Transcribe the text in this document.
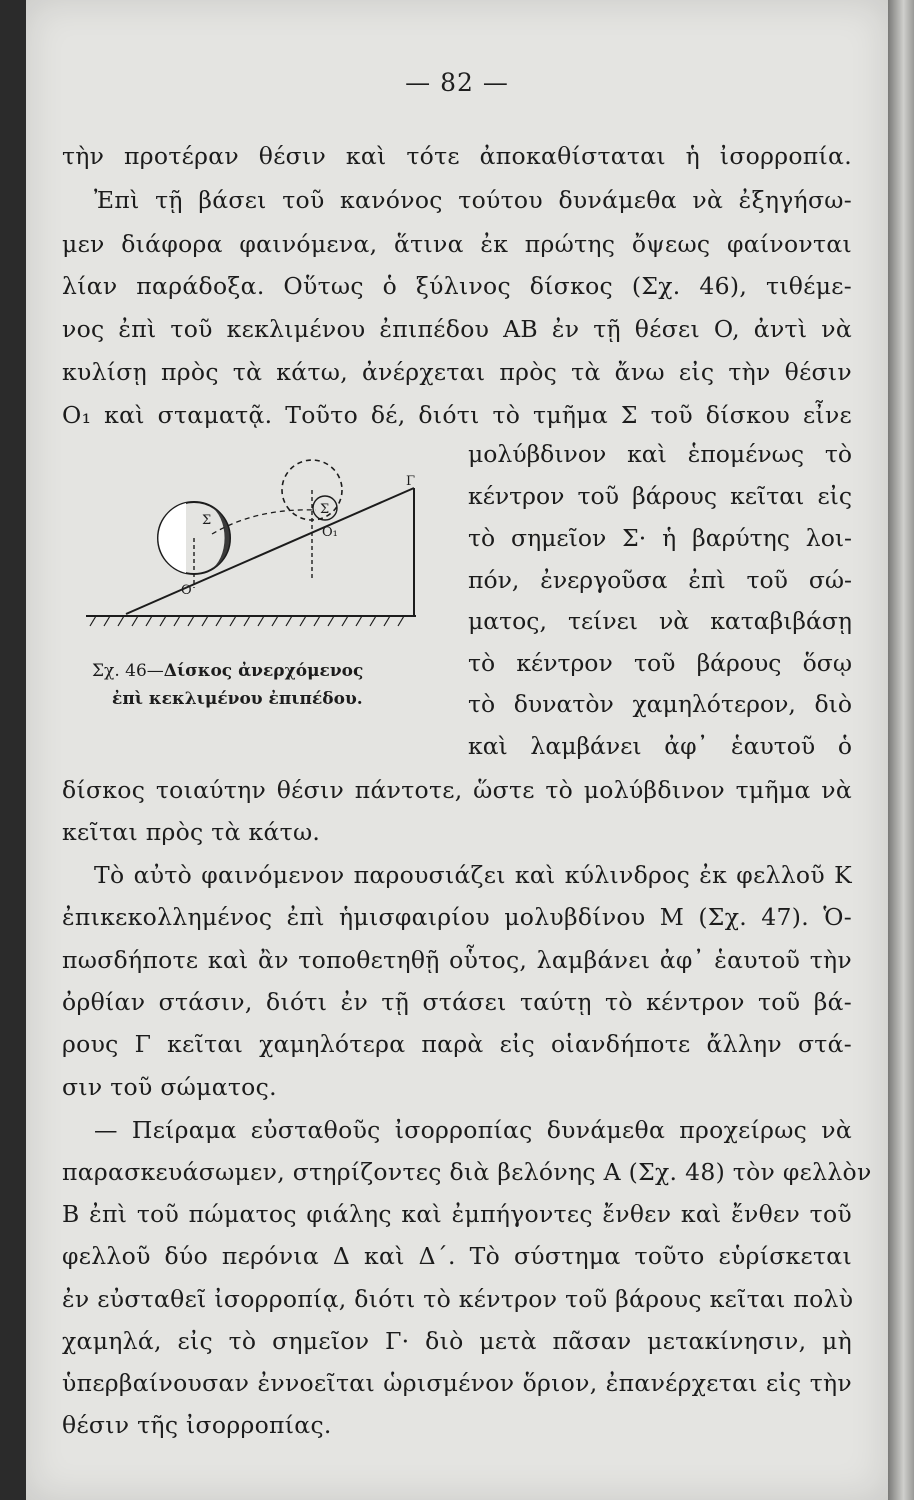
— 82 —
τὴν προτέραν θέσιν καὶ τότε ἀποκαθίσταται ἡ ἰσορροπία.
Ἐπὶ τῇ βάσει τοῦ κανόνος τούτου δυνάμεθα νὰ ἐξηγήσω-
μεν διάφορα φαινόμενα, ἅτινα ἐκ πρώτης ὄψεως φαίνονται
λίαν παράδοξα. Οὕτως ὁ ξύλινος δίσκος (Σχ. 46), τιθέμε-
νος ἐπὶ τοῦ κεκλιμένου ἐπιπέδου AB ἐν τῇ θέσει O, ἀντὶ νὰ
κυλίσῃ πρὸς τὰ κάτω, ἀνέρχεται πρὸς τὰ ἄνω εἰς τὴν θέσιν
O₁ καὶ σταματᾷ. Τοῦτο δέ, διότι τὸ τμῆμα Σ τοῦ δίσκου εἶνε
O
O₁
Σ
Σ
Γ
μολύβδινον καὶ ἑπομένως τὸ
κέντρον τοῦ βάρους κεῖται εἰς
τὸ σημεῖον Σ· ἡ βαρύτης λοι-
πόν, ἐνεργοῦσα ἐπὶ τοῦ σώ-
ματος, τείνει νὰ καταβιβάσῃ
τὸ κέντρον τοῦ βάρους ὅσῳ
τὸ δυνατὸν χαμηλότερον, διὸ
καὶ λαμβάνει ἀφ᾽ ἑαυτοῦ ὁ
Σχ. 46—Δίσκος ἀνερχόμενος
ἐπὶ κεκλιμένου ἐπιπέδου.
δίσκος τοιαύτην θέσιν πάντοτε, ὥστε τὸ μολύβδινον τμῆμα νὰ
κεῖται πρὸς τὰ κάτω.
Τὸ αὐτὸ φαινόμενον παρουσιάζει καὶ κύλινδρος ἐκ φελλοῦ K
ἐπικεκολλημένος ἐπὶ ἡμισφαιρίου μολυβδίνου M (Σχ. 47). Ὁ-
πωσδήποτε καὶ ἂν τοποθετηθῇ οὗτος, λαμβάνει ἀφ᾽ ἑαυτοῦ τὴν
ὀρθίαν στάσιν, διότι ἐν τῇ στάσει ταύτῃ τὸ κέντρον τοῦ βά-
ρους Γ κεῖται χαμηλότερα παρὰ εἰς οἱανδήποτε ἄλλην στά-
σιν τοῦ σώματος.
— Πείραμα εὐσταθοῦς ἰσορροπίας δυνάμεθα προχείρως νὰ
παρασκευάσωμεν, στηρίζοντες διὰ βελόνης A (Σχ. 48) τὸν φελλὸν
B ἐπὶ τοῦ πώματος φιάλης καὶ ἐμπήγοντες ἔνθεν καὶ ἔνθεν τοῦ
φελλοῦ δύο περόνια Δ καὶ Δ΄. Τὸ σύστημα τοῦτο εὑρίσκεται
ἐν εὐσταθεῖ ἰσορροπίᾳ, διότι τὸ κέντρον τοῦ βάρους κεῖται πολὺ
χαμηλά, εἰς τὸ σημεῖον Γ· διὸ μετὰ πᾶσαν μετακίνησιν, μὴ
ὑπερβαίνουσαν ἐννοεῖται ὡρισμένον ὅριον, ἐπανέρχεται εἰς τὴν
θέσιν τῆς ἰσορροπίας.
